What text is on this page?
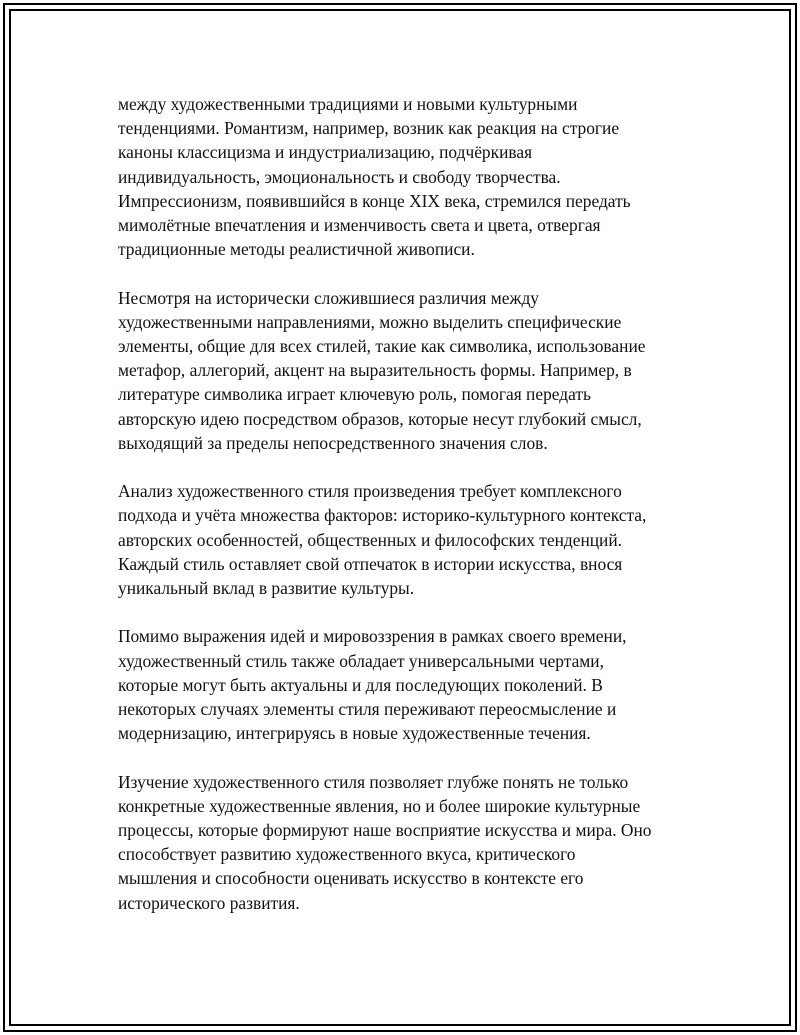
между художественными традициями и новыми культурными
тенденциями. Романтизм, например, возник как реакция на строгие
каноны классицизма и индустриализацию, подчёркивая
индивидуальность, эмоциональность и свободу творчества.
Импрессионизм, появившийся в конце XIX века, стремился передать
мимолётные впечатления и изменчивость света и цвета, отвергая
традиционные методы реалистичной живописи.

Несмотря на исторически сложившиеся различия между
художественными направлениями, можно выделить специфические
элементы, общие для всех стилей, такие как символика, использование
метафор, аллегорий, акцент на выразительность формы. Например, в
литературе символика играет ключевую роль, помогая передать
авторскую идею посредством образов, которые несут глубокий смысл,
выходящий за пределы непосредственного значения слов.

Анализ художественного стиля произведения требует комплексного
подхода и учёта множества факторов: историко-культурного контекста,
авторских особенностей, общественных и философских тенденций.
Каждый стиль оставляет свой отпечаток в истории искусства, внося
уникальный вклад в развитие культуры.

Помимо выражения идей и мировоззрения в рамках своего времени,
художественный стиль также обладает универсальными чертами,
которые могут быть актуальны и для последующих поколений. В
некоторых случаях элементы стиля переживают переосмысление и
модернизацию, интегрируясь в новые художественные течения.

Изучение художественного стиля позволяет глубже понять не только
конкретные художественные явления, но и более широкие культурные
процессы, которые формируют наше восприятие искусства и мира. Оно
способствует развитию художественного вкуса, критического
мышления и способности оценивать искусство в контексте его
исторического развития.
